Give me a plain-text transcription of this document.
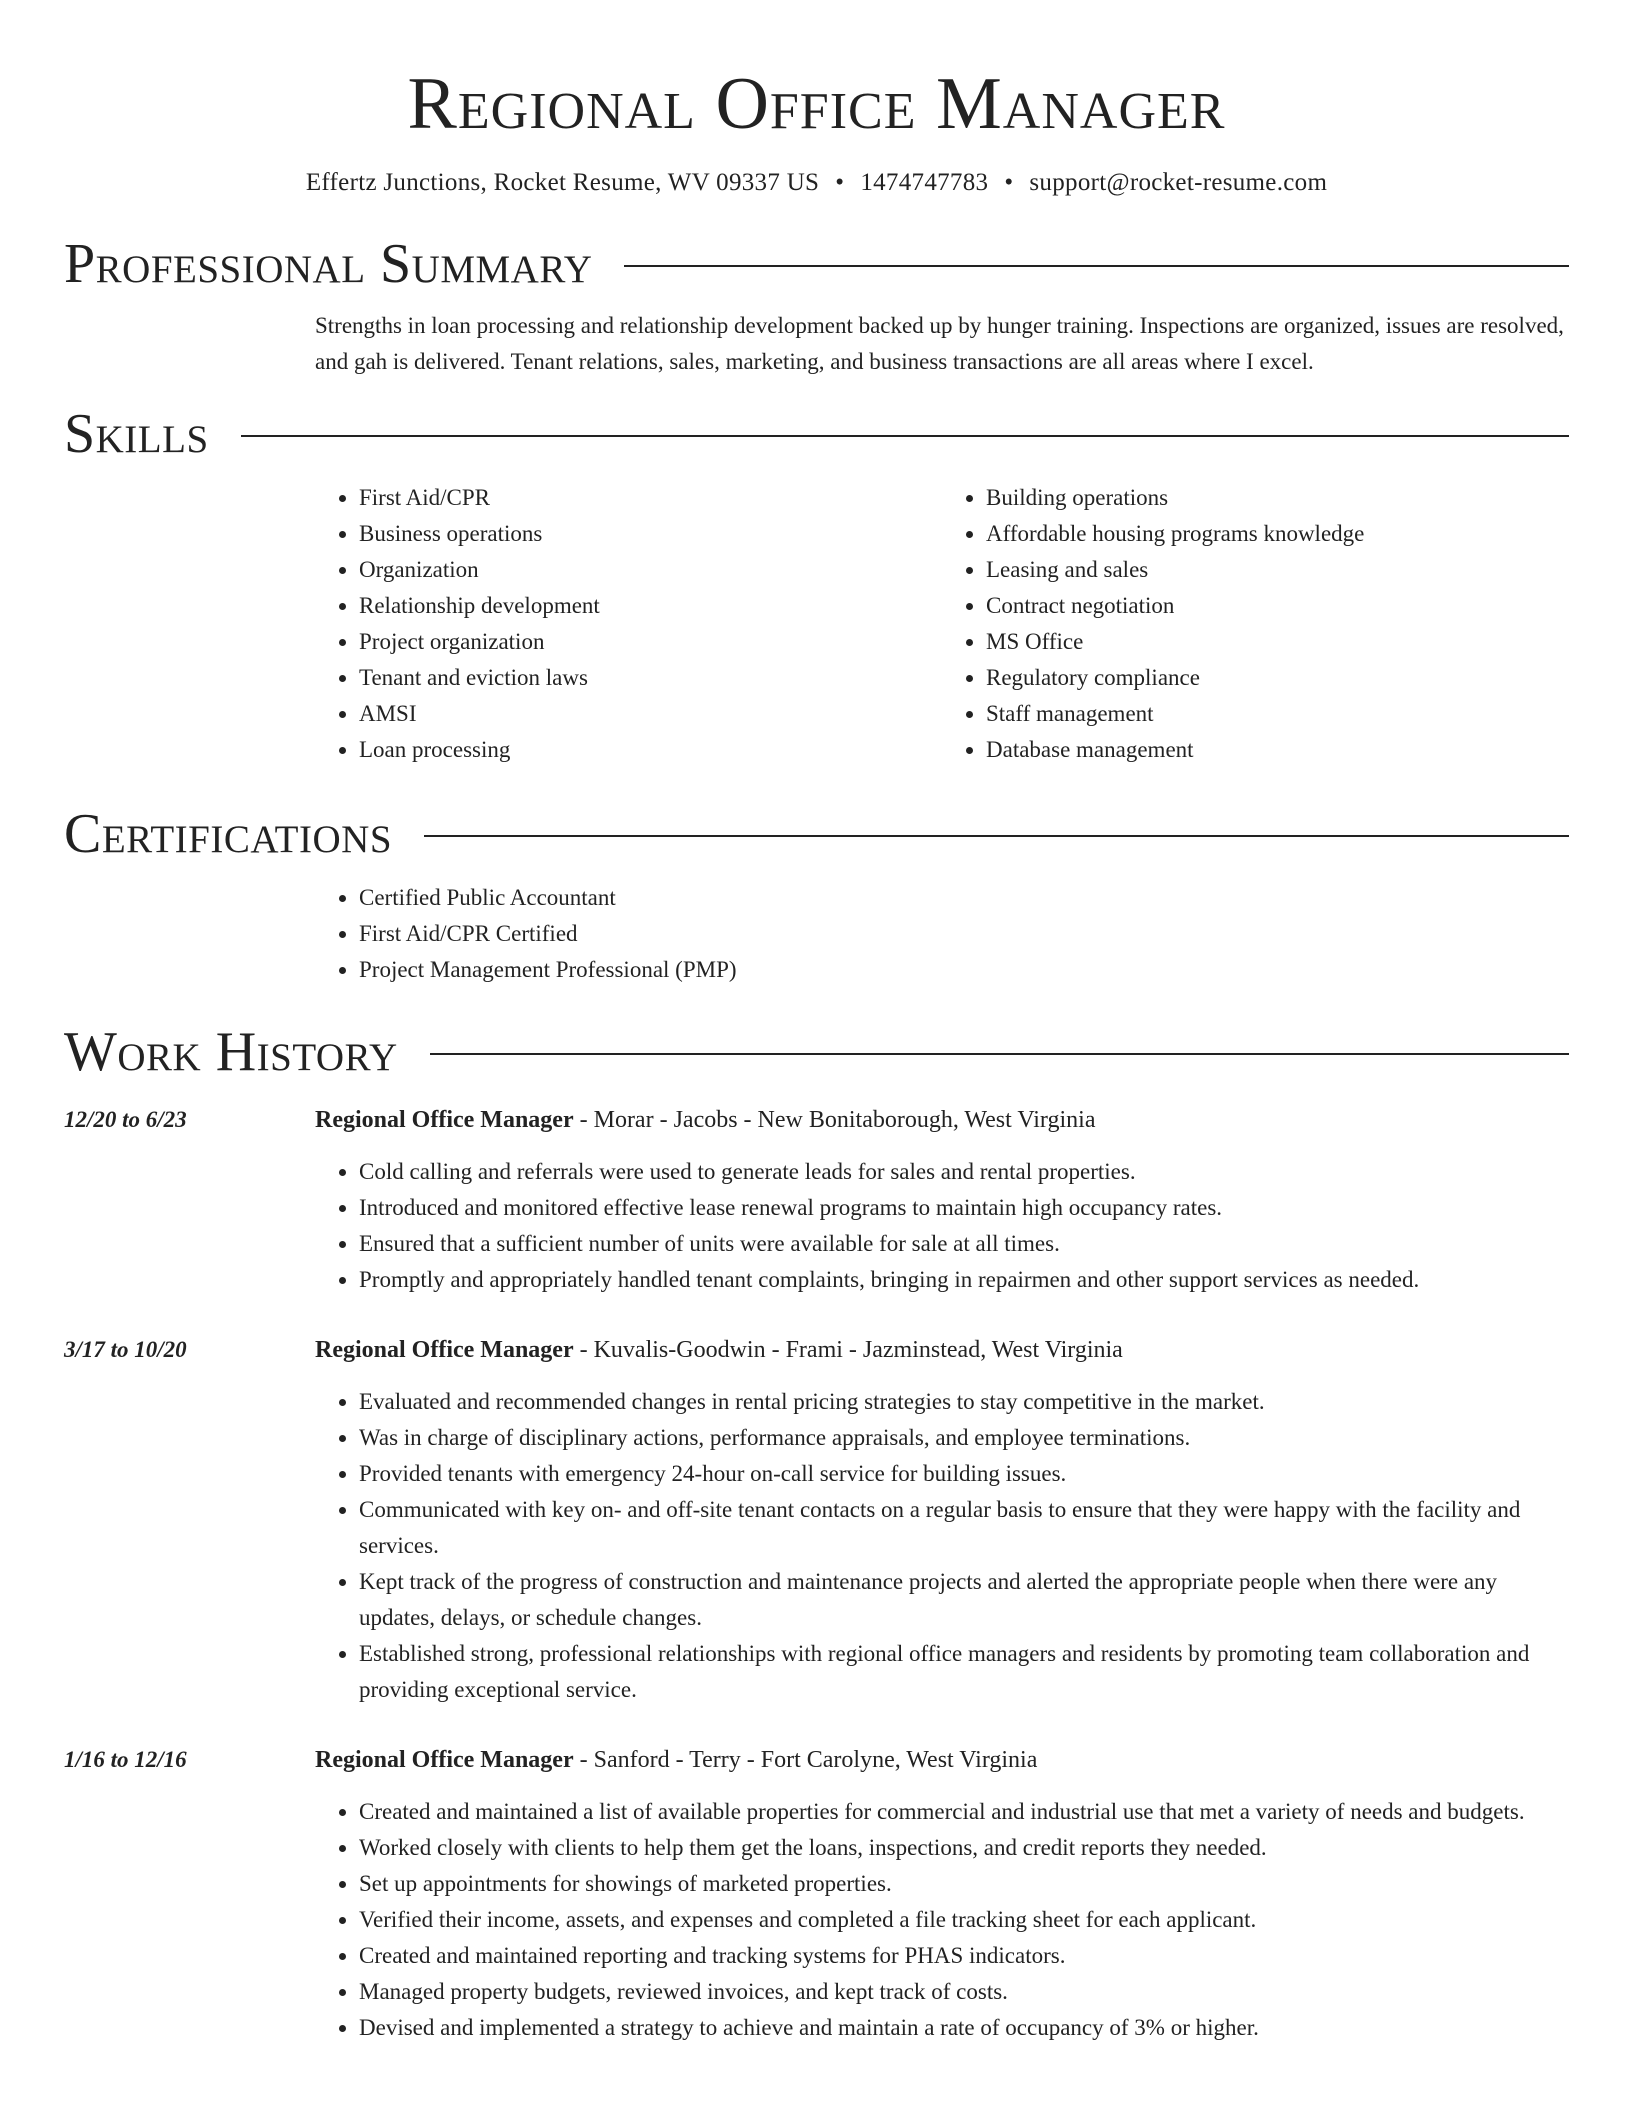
Regional Office Manager
Effertz Junctions, Rocket Resume, WV 09337 US • 1474747783 • support@rocket-resume.com
Professional Summary
Strengths in loan processing and relationship development backed up by hunger training. Inspections are organized, issues are resolved, and gah is delivered. Tenant relations, sales, marketing, and business transactions are all areas where I excel.
Skills
• First Aid/CPR
• Business operations
• Organization
• Relationship development
• Project organization
• Tenant and eviction laws
• AMSI
• Loan processing
• Building operations
• Affordable housing programs knowledge
• Leasing and sales
• Contract negotiation
• MS Office
• Regulatory compliance
• Staff management
• Database management
Certifications
• Certified Public Accountant
• First Aid/CPR Certified
• Project Management Professional (PMP)
Work History
12/20 to 6/23	Regional Office Manager - Morar - Jacobs - New Bonitaborough, West Virginia
• Cold calling and referrals were used to generate leads for sales and rental properties.
• Introduced and monitored effective lease renewal programs to maintain high occupancy rates.
• Ensured that a sufficient number of units were available for sale at all times.
• Promptly and appropriately handled tenant complaints, bringing in repairmen and other support services as needed.
3/17 to 10/20	Regional Office Manager - Kuvalis-Goodwin - Frami - Jazminstead, West Virginia
• Evaluated and recommended changes in rental pricing strategies to stay competitive in the market.
• Was in charge of disciplinary actions, performance appraisals, and employee terminations.
• Provided tenants with emergency 24-hour on-call service for building issues.
• Communicated with key on- and off-site tenant contacts on a regular basis to ensure that they were happy with the facility and services.
• Kept track of the progress of construction and maintenance projects and alerted the appropriate people when there were any updates, delays, or schedule changes.
• Established strong, professional relationships with regional office managers and residents by promoting team collaboration and providing exceptional service.
1/16 to 12/16	Regional Office Manager - Sanford - Terry - Fort Carolyne, West Virginia
• Created and maintained a list of available properties for commercial and industrial use that met a variety of needs and budgets.
• Worked closely with clients to help them get the loans, inspections, and credit reports they needed.
• Set up appointments for showings of marketed properties.
• Verified their income, assets, and expenses and completed a file tracking sheet for each applicant.
• Created and maintained reporting and tracking systems for PHAS indicators.
• Managed property budgets, reviewed invoices, and kept track of costs.
• Devised and implemented a strategy to achieve and maintain a rate of occupancy of 3% or higher.
